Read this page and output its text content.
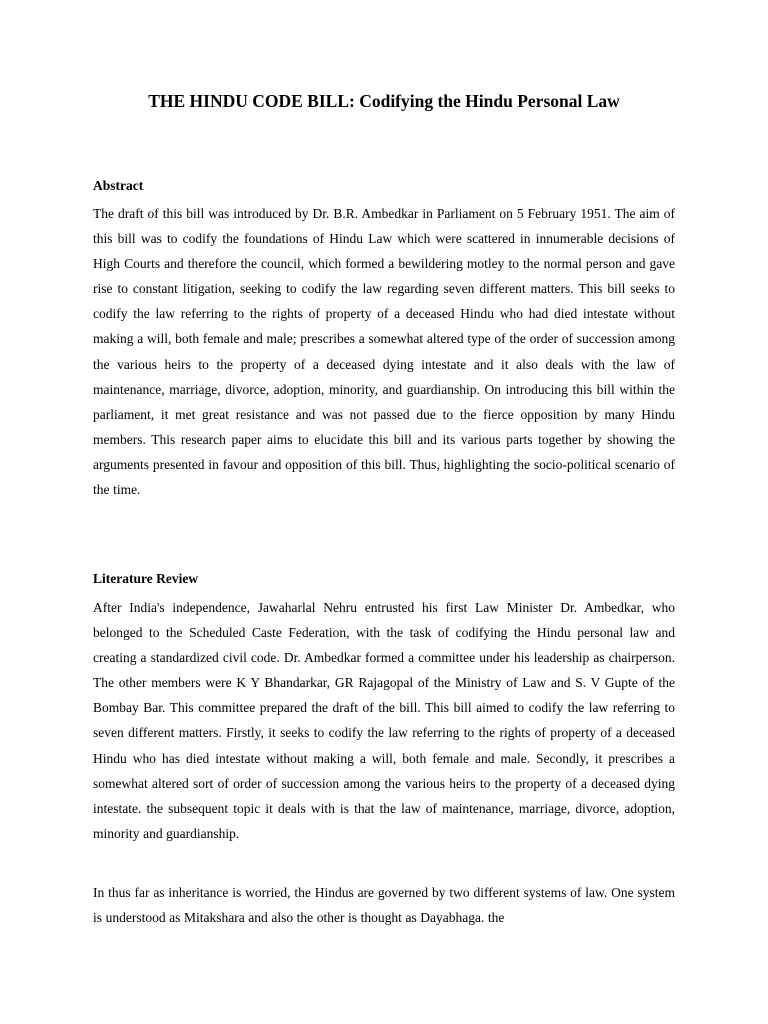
THE HINDU CODE BILL: Codifying the Hindu Personal Law
Abstract

The draft of this bill was introduced by Dr. B.R. Ambedkar in Parliament on 5 February 1951. The aim of this bill was to codify the foundations of Hindu Law which were scattered in innumerable decisions of High Courts and therefore the council, which formed a bewildering motley to the normal person and gave rise to constant litigation, seeking to codify the law regarding seven different matters. This bill seeks to codify the law referring to the rights of property of a deceased Hindu who had died intestate without making a will, both female and male; prescribes a somewhat altered type of the order of succession among the various heirs to the property of a deceased dying intestate and it also deals with the law of maintenance, marriage, divorce, adoption, minority, and guardianship. On introducing this bill within the parliament, it met great resistance and was not passed due to the fierce opposition by many Hindu members. This research paper aims to elucidate this bill and its various parts together by showing the arguments presented in favour and opposition of this bill. Thus, highlighting the socio-political scenario of the time.

Literature Review

After India's independence, Jawaharlal Nehru entrusted his first Law Minister Dr. Ambedkar, who belonged to the Scheduled Caste Federation, with the task of codifying the Hindu personal law and creating a standardized civil code. Dr. Ambedkar formed a committee under his leadership as chairperson. The other members were K Y Bhandarkar, GR Rajagopal of the Ministry of Law and S. V Gupte of the Bombay Bar. This committee prepared the draft of the bill. This bill aimed to codify the law referring to seven different matters. Firstly, it seeks to codify the law referring to the rights of property of a deceased Hindu who has died intestate without making a will, both female and male. Secondly, it prescribes a somewhat altered sort of order of succession among the various heirs to the property of a deceased dying intestate. the subsequent topic it deals with is that the law of maintenance, marriage, divorce, adoption, minority and guardianship.

In thus far as inheritance is worried, the Hindus are governed by two different systems of law. One system is understood as Mitakshara and also the other is thought as Dayabhaga. the
